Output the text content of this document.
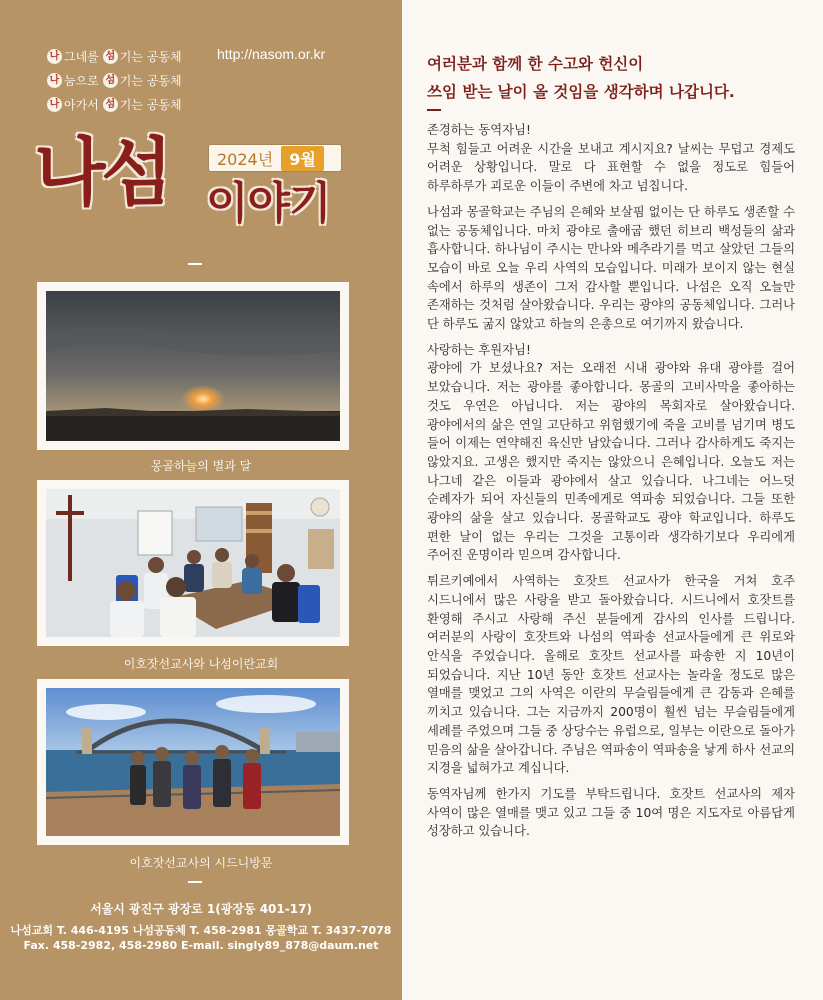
나 그네를 섬 기는 공동체
나 눔으로 섬 기는 공동체
나 아가서 섬 기는 공동체
http://nasom.or.kr
나섬	2024년	9월
이야기
몽골하늘의 별과 달
이호잣선교사와 나섬이란교회
이호잣선교사의 시드니방문
서울시 광진구 광장로 1(광장동 401-17)
나섬교회 T. 446-4195 나섬공동체 T. 458-2981 몽골학교 T. 3437-7078
Fax. 458-2982, 458-2980 E-mail. singly89_878@daum.net
여러분과 함께 한 수고와 헌신이
쓰임 받는 날이 올 것임을 생각하며 나갑니다.

존경하는 동역자님!
무척 힘들고 어려운 시간을 보내고 계시지요? 날씨는 무덥고 경제도 어려운 상황입니다. 말로 다 표현할 수 없을 정도로 힘들어 하루하루가 괴로운 이들이 주변에 차고 넘칩니다.

나섬과 몽골학교는 주님의 은혜와 보살핌 없이는 단 하루도 생존할 수 없는 공동체입니다. 마치 광야로 출애굽 했던 히브리 백성들의 삶과 흡사합니다. 하나님이 주시는 만나와 메추라기를 먹고 살았던 그들의 모습이 바로 오늘 우리 사역의 모습입니다. 미래가 보이지 않는 현실 속에서 하루의 생존이 그저 감사할 뿐입니다. 나섬은 오직 오늘만 존재하는 것처럼 살아왔습니다. 우리는 광야의 공동체입니다. 그러나 단 하루도 굶지 않았고 하늘의 은총으로 여기까지 왔습니다.

사랑하는 후원자님!
광야에 가 보셨나요? 저는 오래전 시내 광야와 유대 광야를 걸어 보았습니다. 저는 광야를 좋아합니다. 몽골의 고비사막을 좋아하는 것도 우연은 아닙니다. 저는 광야의 목회자로 살아왔습니다. 광야에서의 삶은 연일 고단하고 위험했기에 죽을 고비를 넘기며 병도 들어 이제는 연약해진 육신만 남았습니다. 그러나 감사하게도 죽지는 않았지요. 고생은 했지만 죽지는 않았으니 은혜입니다. 오늘도 저는 나그네 같은 이들과 광야에서 살고 있습니다. 나그네는 어느덧 순례자가 되어 자신들의 민족에게로 역파송 되었습니다. 그들 또한 광야의 삶을 살고 있습니다. 몽골학교도 광야 학교입니다. 하루도 편한 날이 없는 우리는 그것을 고통이라 생각하기보다 우리에게 주어진 운명이라 믿으며 감사합니다.

튀르키예에서 사역하는 호잣트 선교사가 한국을 거쳐 호주 시드니에서 많은 사랑을 받고 돌아왔습니다. 시드니에서 호잣트를 환영해 주시고 사랑해 주신 분들에게 감사의 인사를 드립니다. 여러분의 사랑이 호잣트와 나섬의 역파송 선교사들에게 큰 위로와 안식을 주었습니다. 올해로 호잣트 선교사를 파송한 지 10년이 되었습니다. 지난 10년 동안 호잣트 선교사는 놀라울 정도로 많은 열매를 맺었고 그의 사역은 이란의 무슬림들에게 큰 감동과 은혜를 끼치고 있습니다. 그는 지금까지 200명이 훨씬 넘는 무슬림들에게 세례를 주었으며 그들 중 상당수는 유럽으로, 일부는 이란으로 돌아가 믿음의 삶을 살아갑니다. 주님은 역파송이 역파송을 낳게 하사 선교의 지경을 넓혀가고 계십니다.

동역자님께 한가지 기도를 부탁드립니다. 호잣트 선교사의 제자 사역이 많은 열매를 맺고 있고 그들 중 10여 명은 지도자로 아름답게 성장하고 있습니다.
